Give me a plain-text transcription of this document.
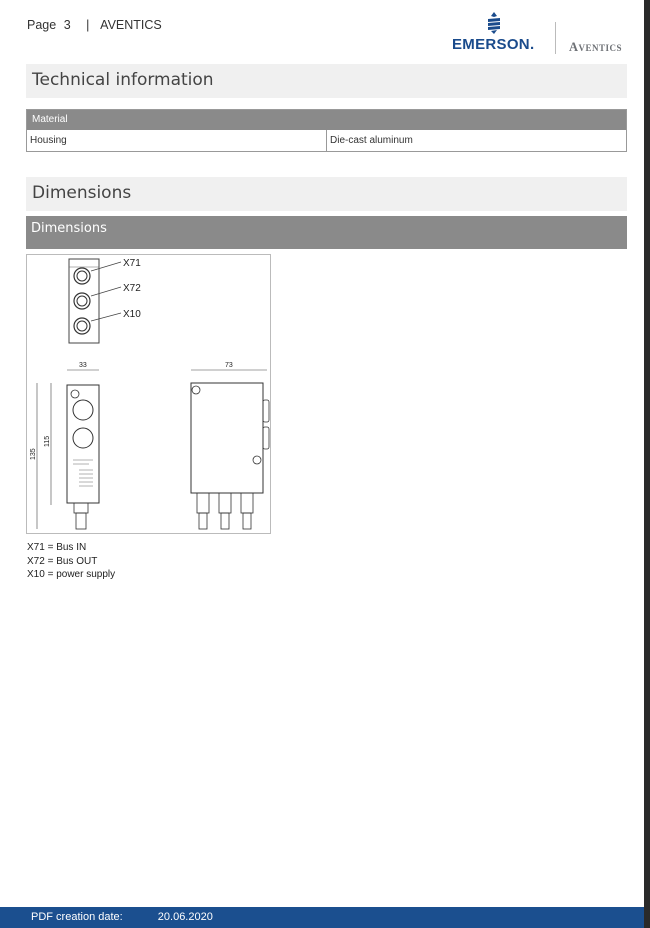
Page 3 | AVENTICS
EMERSON.	Aventics
Technical information
Material
Housing	Die-cast aluminum
Dimensions
Dimensions
X71
X72
X10
33
135
115
73
X71 = Bus IN
X72 = Bus OUT
X10 = power supply
PDF creation date:	20.06.2020
